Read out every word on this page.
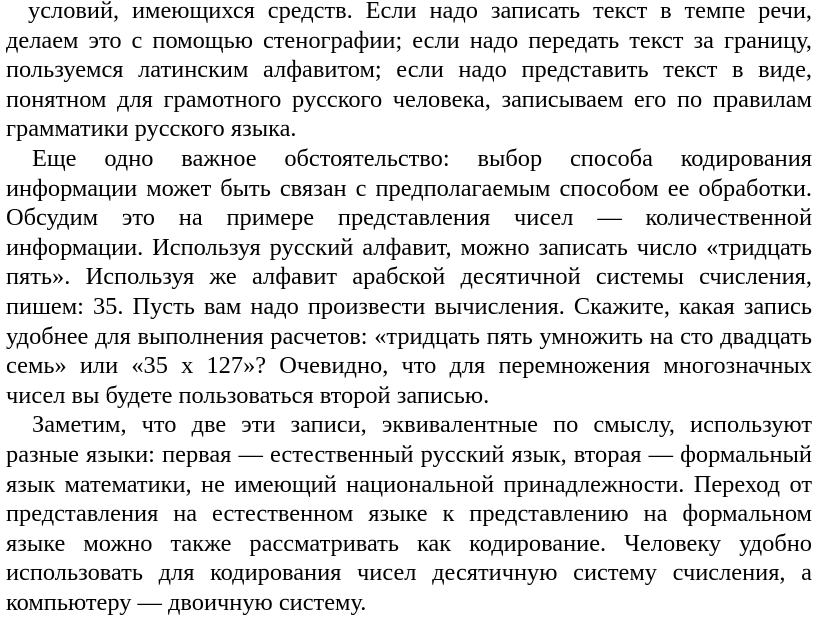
условий, имеющихся средств. Если надо записать текст в темпе речи, делаем это с помощью стенографии; если надо передать текст за границу, пользуемся латинским алфавитом; если надо представить текст в виде, понятном для грамотного русского человека, записываем его по правилам грамматики русского языка.

Еще одно важное обстоятельство: выбор способа кодирования информации может быть связан с предполагаемым способом ее обработки. Обсудим это на примере представления чисел — количественной информации. Используя русский алфавит, можно записать число «тридцать пять». Используя же алфавит арабской десятичной системы счисления, пишем: 35. Пусть вам надо произвести вычисления. Скажите, какая запись удобнее для выполнения расчетов: «тридцать пять умножить на сто двадцать семь» или «35 х 127»? Очевидно, что для перемножения многозначных чисел вы будете пользоваться второй записью.

Заметим, что две эти записи, эквивалентные по смыслу, используют разные языки: первая — естественный русский язык, вторая — формальный язык математики, не имеющий национальной принадлежности. Переход от представления на естественном языке к представлению на формальном языке можно также рассматривать как кодирование. Человеку удобно использовать для кодирования чисел десятичную систему счисления, а компьютеру — двоичную систему.
